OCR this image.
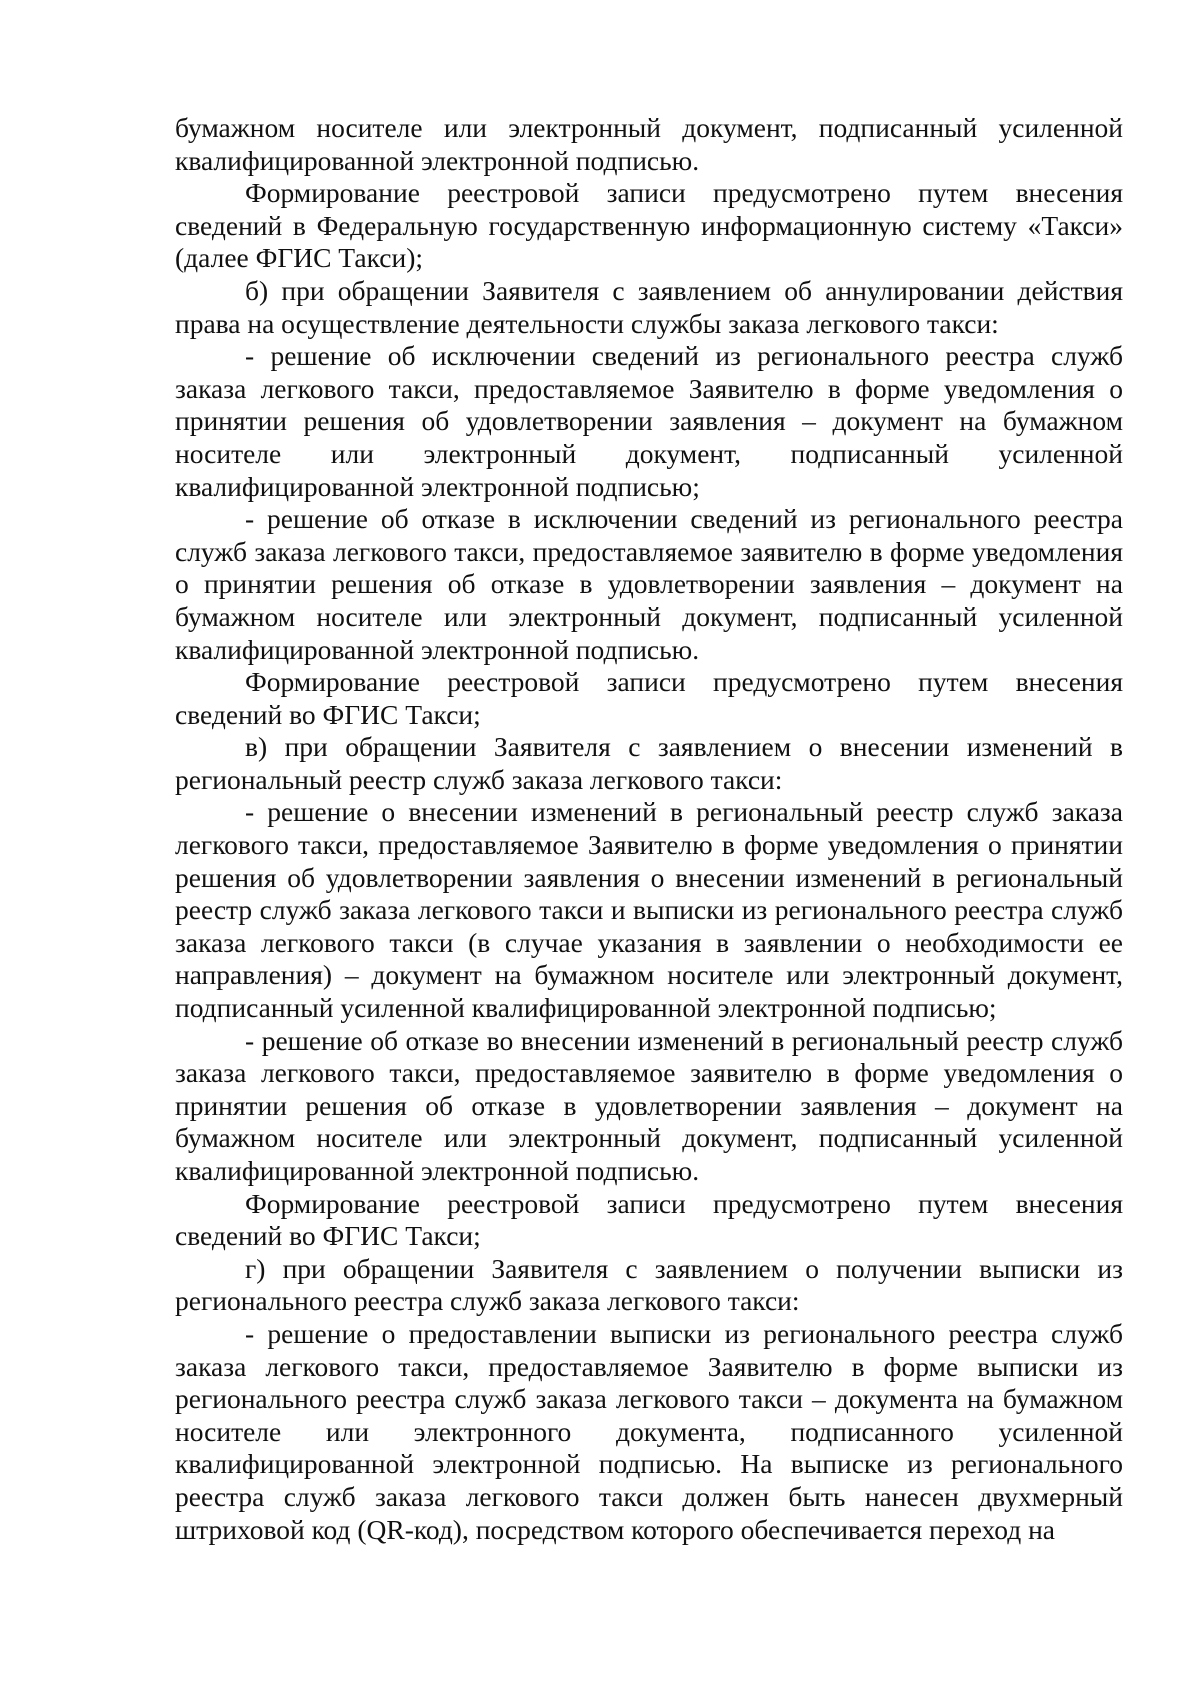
бумажном носителе или электронный документ, подписанный усиленной квалифицированной электронной подписью.

Формирование реестровой записи предусмотрено путем внесения сведений в Федеральную государственную информационную систему «Такси» (далее ФГИС Такси);

б) при обращении Заявителя с заявлением об аннулировании действия права на осуществление деятельности службы заказа легкового такси:

- решение об исключении сведений из регионального реестра служб заказа легкового такси, предоставляемое Заявителю в форме уведомления о принятии решения об удовлетворении заявления – документ на бумажном носителе или электронный документ, подписанный усиленной квалифицированной электронной подписью;

- решение об отказе в исключении сведений из регионального реестра служб заказа легкового такси, предоставляемое заявителю в форме уведомления о принятии решения об отказе в удовлетворении заявления – документ на бумажном носителе или электронный документ, подписанный усиленной квалифицированной электронной подписью.

Формирование реестровой записи предусмотрено путем внесения сведений во ФГИС Такси;

в) при обращении Заявителя с заявлением о внесении изменений в региональный реестр служб заказа легкового такси:

- решение о внесении изменений в региональный реестр служб заказа легкового такси, предоставляемое Заявителю в форме уведомления о принятии решения об удовлетворении заявления о внесении изменений в региональный реестр служб заказа легкового такси и выписки из регионального реестра служб заказа легкового такси (в случае указания в заявлении о необходимости ее направления) – документ на бумажном носителе или электронный документ, подписанный усиленной квалифицированной электронной подписью;

- решение об отказе во внесении изменений в региональный реестр служб заказа легкового такси, предоставляемое заявителю в форме уведомления о принятии решения об отказе в удовлетворении заявления – документ на бумажном носителе или электронный документ, подписанный усиленной квалифицированной электронной подписью.

Формирование реестровой записи предусмотрено путем внесения сведений во ФГИС Такси;

г) при обращении Заявителя с заявлением о получении выписки из регионального реестра служб заказа легкового такси:

- решение о предоставлении выписки из регионального реестра служб заказа легкового такси, предоставляемое Заявителю в форме выписки из регионального реестра служб заказа легкового такси – документа на бумажном носителе или электронного документа, подписанного усиленной квалифицированной электронной подписью. На выписке из регионального реестра служб заказа легкового такси должен быть нанесен двухмерный штриховой код (QR-код), посредством которого обеспечивается переход на
